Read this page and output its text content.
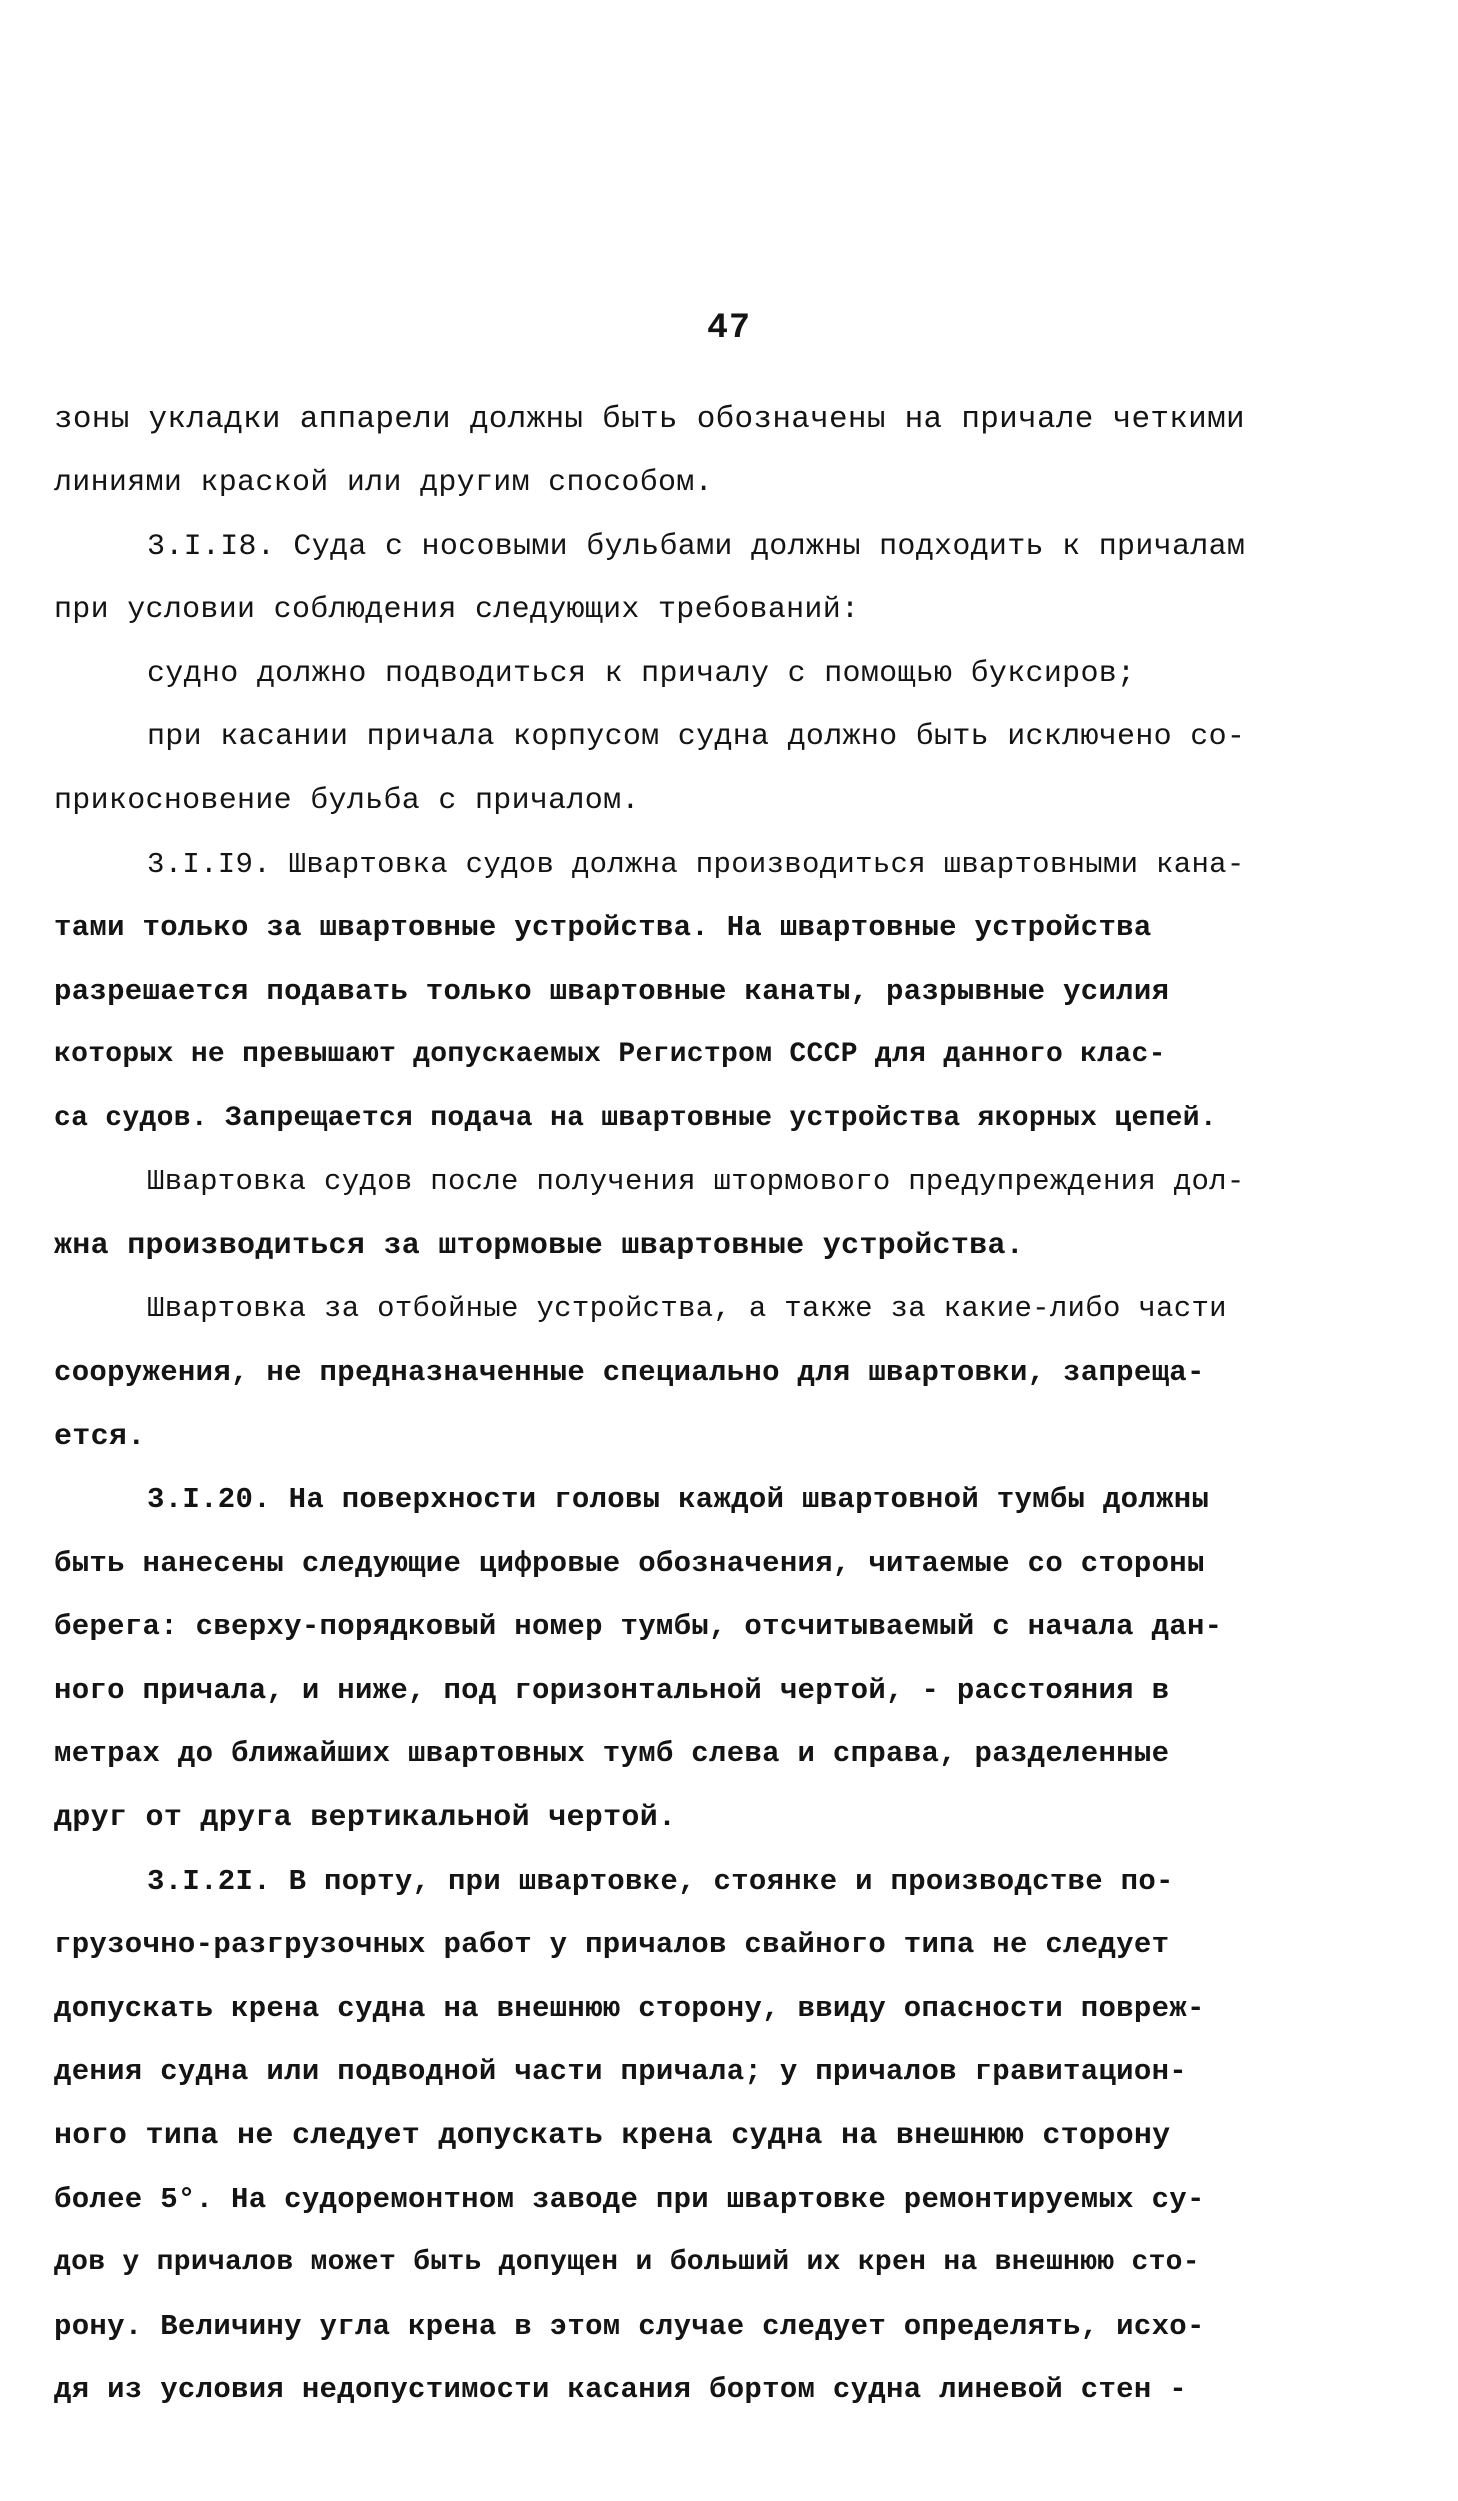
47
зоны укладки аппарели должны быть обозначены на причале четкими
линиями краской или другим способом.
3.I.I8. Суда с носовыми бульбами должны подходить к причалам
при условии соблюдения следующих требований:
судно должно подводиться к причалу с помощью буксиров;
при касании причала корпусом судна должно быть исключено со-
прикосновение бульба с причалом.
3.I.I9. Швартовка судов должна производиться швартовными кана-
тами только за швартовные устройства. На швартовные устройства
разрешается подавать только швартовные канаты, разрывные усилия
которых не превышают допускаемых Регистром СССР для данного клас-
са судов. Запрещается подача на швартовные устройства якорных цепей.
Швартовка судов после получения штормового предупреждения дол-
жна производиться за штормовые швартовные устройства.
Швартовка за отбойные устройства, а также за какие-либо части
сооружения, не предназначенные специально для швартовки, запреща-
ется.
3.I.20. На поверхности головы каждой швартовной тумбы должны
быть нанесены следующие цифровые обозначения, читаемые со стороны
берега: сверху-порядковый номер тумбы, отсчитываемый с начала дан-
ного причала, и ниже, под горизонтальной чертой, - расстояния в
метрах до ближайших швартовных тумб слева и справа, разделенные
друг от друга вертикальной чертой.
3.I.2I. В порту, при швартовке, стоянке и производстве по-
грузочно-разгрузочных работ у причалов свайного типа не следует
допускать крена судна на внешнюю сторону, ввиду опасности повреж-
дения судна или подводной части причала; у причалов гравитацион-
ного типа не следует допускать крена судна на внешнюю сторону
более 5°. На судоремонтном заводе при швартовке ремонтируемых су-
дов у причалов может быть допущен и больший их крен на внешнюю сто-
рону. Величину угла крена в этом случае следует определять, исхо-
дя из условия недопустимости касания бортом судна линевой стен -
